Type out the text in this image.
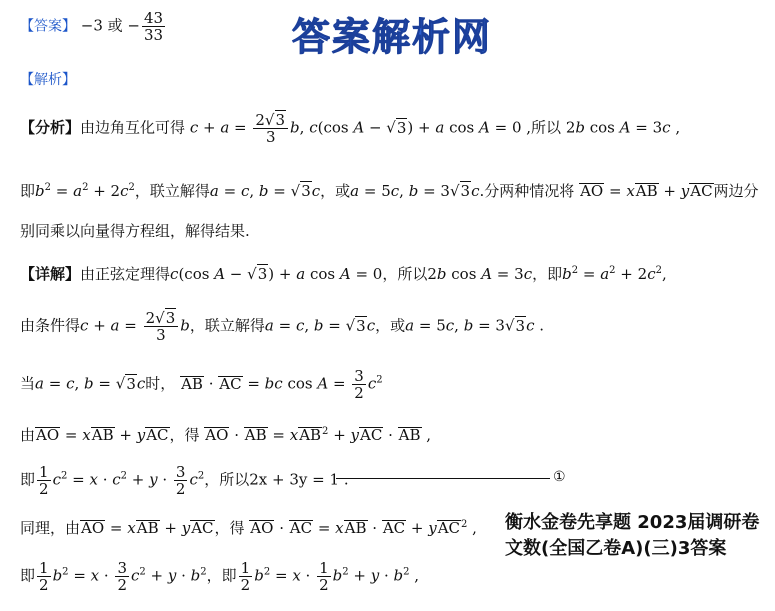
答案解析网
【答案】 −3 或 − $\frac{43}{33}$
【解析】
【分析】由边角互化可得 $c + a = \frac{2√3}{3} b$, c(cos A − √3) + a cos A = 0 ,所以 2b cos A = 3c ,
即$b^2 = a^2 + 2c^2$，联立解得a = c, b = √3c，或a = 5c, b = 3√3c.分两种情况将 AO = xAB + yAC两边分
别同乘以向量得方程组，解得结果.
【详解】由正弦定理得c(cos A − √3) + a cos A = 0，所以2b cos A = 3c，即$b^2 = a^2 + 2c^2$,
由条件得$c + a = \frac{2√3}{3}$ b，联立解得a = c, b = √3c，或a = 5c, b = 3√3c .
当a = c, b = √3c时， AB · AC = bc $\cos A = \frac{3}{2} c^2$
由AO = xAB + yAC，得 AO · AB = xAB$^2$ + yAC · AB ,
即 $\frac{1}{2} c^2 = x \cdot c^2 + y \cdot \frac{3}{2} c^2$，所以2x + 3y = 1 .	①
同理，由AO = xAB + yAC，得 AO · AC = xAB · AC + yAC$^2$ ,
即 $\frac{1}{2} b^2 = x \cdot \frac{3}{2} c^2 + y \cdot b^2$，即 $\frac{1}{2} b^2 = x \cdot \frac{1}{2} b^2 + y \cdot b^2$ ,
衡水金卷先享题 2023届调研卷 文数(全国乙卷A)(三)3答案
